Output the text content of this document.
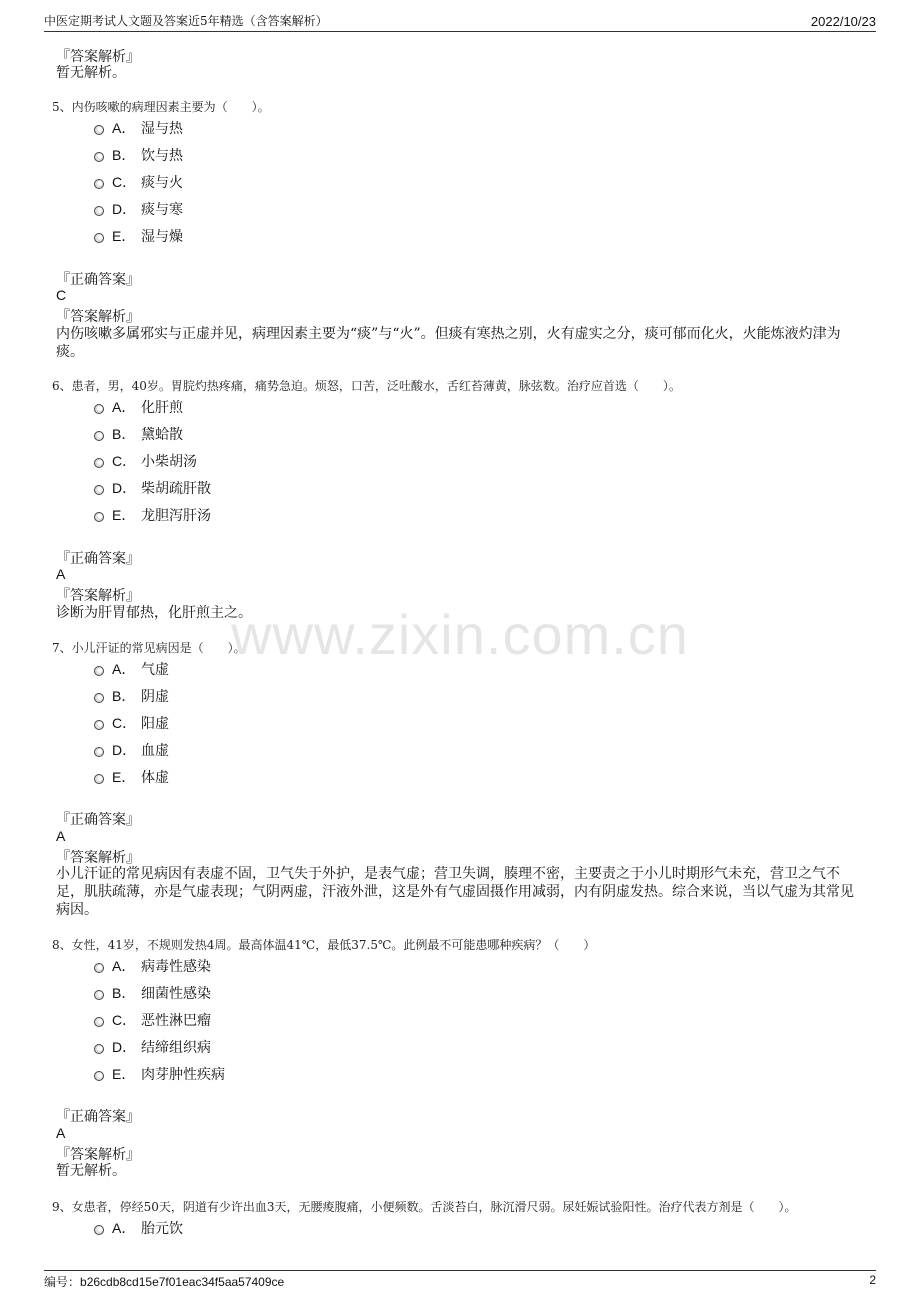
中医定期考试人文题及答案近5年精选（含答案解析）	2022/10/23
www.zixin.com.cn
『答案解析』
暂无解析。
5、内伤咳嗽的病理因素主要为（　　）。
A． 湿与热
B． 饮与热
C． 痰与火
D． 痰与寒
E． 湿与燥
『正确答案』
C
『答案解析』
内伤咳嗽多属邪实与正虚并见，病理因素主要为“痰”与“火”。但痰有寒热之别，火有虚实之分，痰可郁而化火，火能炼液灼津为痰。
6、患者，男，40岁。胃脘灼热疼痛，痛势急迫。烦怒，口苦，泛吐酸水，舌红苔薄黄，脉弦数。治疗应首选（　　）。
A． 化肝煎
B． 黛蛤散
C． 小柴胡汤
D． 柴胡疏肝散
E． 龙胆泻肝汤
『正确答案』
A
『答案解析』
诊断为肝胃郁热，化肝煎主之。
7、小儿汗证的常见病因是（　　）。
A． 气虚
B． 阴虚
C． 阳虚
D． 血虚
E． 体虚
『正确答案』
A
『答案解析』
小儿汗证的常见病因有表虚不固，卫气失于外护，是表气虚；营卫失调，腠理不密，主要责之于小儿时期形气未充，营卫之气不足，肌肤疏薄，亦是气虚表现；气阴两虚，汗液外泄，这是外有气虚固摄作用减弱，内有阴虚发热。综合来说，当以气虚为其常见病因。
8、女性，41岁，不规则发热4周。最高体温41℃，最低37.5℃。此例最不可能患哪种疾病？（　　）
A． 病毒性感染
B． 细菌性感染
C． 恶性淋巴瘤
D． 结缔组织病
E． 肉芽肿性疾病
『正确答案』
A
『答案解析』
暂无解析。
9、女患者，停经50天，阴道有少许出血3天，无腰痠腹痛，小便频数。舌淡苔白，脉沉滑尺弱。尿妊娠试验阳性。治疗代表方剂是（　　）。
A． 胎元饮
编号：b26cdb8cd15e7f01eac34f5aa57409ce	2
